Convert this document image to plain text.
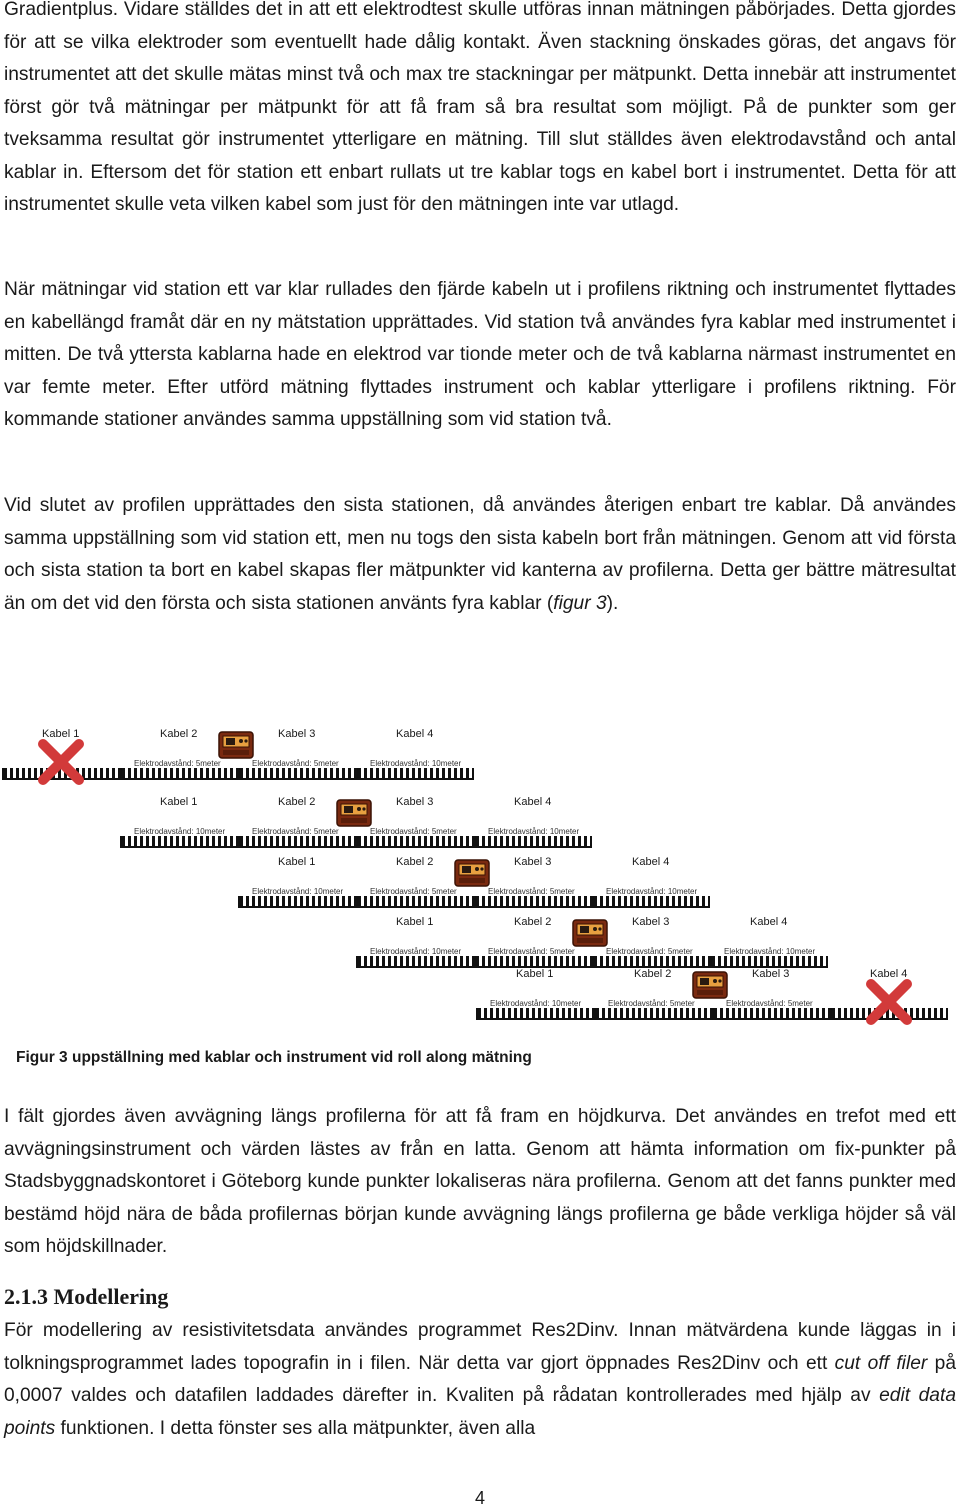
Gradientplus. Vidare ställdes det in att ett elektrodtest skulle utföras innan mätningen påbörjades. Detta gjordes för att se vilka elektroder som eventuellt hade dålig kontakt. Även stackning önskades göras, det angavs för instrumentet att det skulle mätas minst två och max tre stackningar per mätpunkt. Detta innebär att instrumentet först gör två mätningar per mätpunkt för att få fram så bra resultat som möjligt. På de punkter som ger tveksamma resultat gör instrumentet ytterligare en mätning. Till slut ställdes även elektrodavstånd och antal kablar in. Eftersom det för station ett enbart rullats ut tre kablar togs en kabel bort i instrumentet. Detta för att instrumentet skulle veta vilken kabel som just för den mätningen inte var utlagd.

När mätningar vid station ett var klar rullades den fjärde kabeln ut i profilens riktning och instrumentet flyttades en kabellängd framåt där en ny mätstation upprättades. Vid station två användes fyra kablar med instrumentet i mitten. De två yttersta kablarna hade en elektrod var tionde meter och de två kablarna närmast instrumentet en var femte meter. Efter utförd mätning flyttades instrument och kablar ytterligare i profilens riktning. För kommande stationer användes samma uppställning som vid station två.

Vid slutet av profilen upprättades den sista stationen, då användes återigen enbart tre kablar. Då användes samma uppställning som vid station ett, men nu togs den sista kabeln bort från mätningen. Genom att vid första och sista station ta bort en kabel skapas fler mätpunkter vid kanterna av profilerna. Detta ger bättre mätresultat än om det vid den första och sista stationen använts fyra kablar (figur 3).

Kabel 1	Kabel 2
Elektrodavstånd: 5meter
Kabel 3
Elektrodavstånd: 5meter
Kabel 4
Elektrodavstånd: 10meter
Kabel 1
Elektrodavstånd: 10meter
Kabel 2
Elektrodavstånd: 5meter
Kabel 3
Elektrodavstånd: 5meter
Kabel 4
Elektrodavstånd: 10meter
Kabel 1
Elektrodavstånd: 10meter
Kabel 2
Elektrodavstånd: 5meter
Kabel 3
Elektrodavstånd: 5meter
Kabel 4
Elektrodavstånd: 10meter
Kabel 1
Elektrodavstånd: 10meter
Kabel 2
Elektrodavstånd: 5meter
Kabel 3
Elektrodavstånd: 5meter
Kabel 4
Elektrodavstånd: 10meter
Kabel 1
Elektrodavstånd: 10meter
Kabel 2
Elektrodavstånd: 5meter
Kabel 3
Elektrodavstånd: 5meter
Kabel 4

Figur 3 uppställning med kablar och instrument vid roll along mätning

I fält gjordes även avvägning längs profilerna för att få fram en höjdkurva. Det användes en trefot med ett avvägningsinstrument och värden lästes av från en latta. Genom att hämta information om fix-punkter på Stadsbyggnadskontoret i Göteborg kunde punkter lokaliseras nära profilerna. Genom att det fanns punkter med bestämd höjd nära de båda profilernas början kunde avvägning längs profilerna ge både verkliga höjder så väl som höjdskillnader.

2.1.3 Modellering

För modellering av resistivitetsdata användes programmet Res2Dinv. Innan mätvärdena kunde läggas in i tolkningsprogrammet lades topografin in i filen. När detta var gjort öppnades Res2Dinv och ett cut off filer på 0,0007 valdes och datafilen laddades därefter in. Kvaliten på rådatan kontrollerades med hjälp av edit data points funktionen. I detta fönster ses alla mätpunkter, även alla

4
